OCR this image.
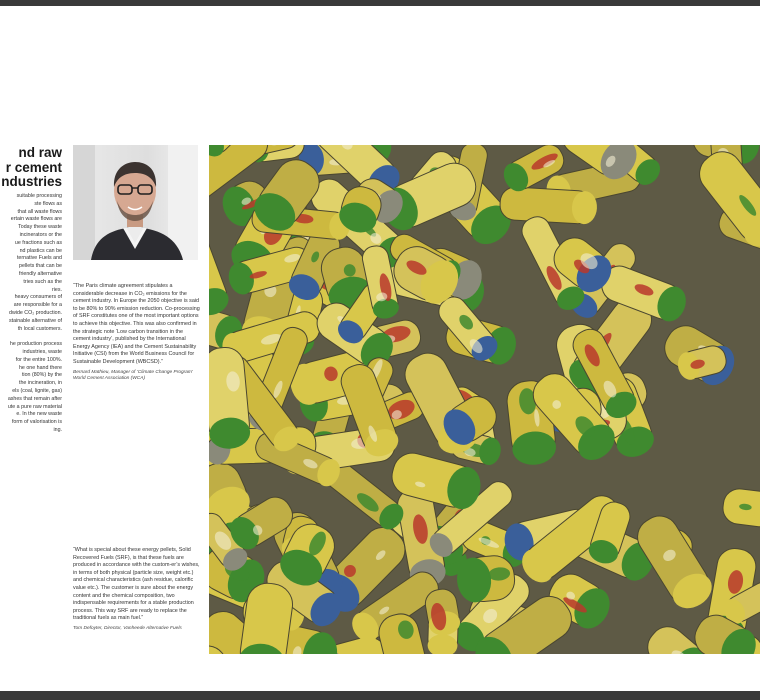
nd raw
r cement
ndustries
suitable processing
ste flows as
that all waste flows
ertain waste flows are
Today these waste
incinerators or the
ue fractions such as
nd plastics can be
ternative Fuels and
pellets that can be
friendly alternative
tries such as the
ries.
heavy consumers of
are responsible for a
dwide CO₂ production.
stainable alternative of
th local customers.
he production process
industries, waste
for the entire 100%.
he one hand there
tion (80%) by the
the incineration, in
els (coal, lignite, gas)
ashes that remain after
ute a pure raw material
e. In the new waste
form of valorisation is
ing.
“The Paris climate agreement stipulates a considerable decrease in CO₂ emissions for the cement industry. In Europe the 2050 objective is said to be 80% to 90% emission reduction. Co-processing of SRF constitutes one of the most important options to achieve this objective. This was also confirmed in the strategic note ‘Low carbon transition in the cement industry’, published by the International Energy Agency (IEA) and the Cement Sustainability Initiative (CSI) from the World Business Council for Sustainable Development (WBCSD).”
Bernard Mathieu, Manager of ‘Climate Change Program’ World Cement Association (WCA)
“What is special about these energy pellets, Solid Recovered Fuels (SRF), is that these fuels are produced in accordance with the custom-er’s wishes, in terms of both physical (particle size, weight etc.) and chemical characteristics (ash residue, calorific value etc.). The customer is sure about the energy content and the chemical composition, two indispensable requirements for a stable production process. This way SRF are ready to replace the traditional fuels as main fuel.”
Tom Defoyter, Director, Vanheede Alternative Fuels
